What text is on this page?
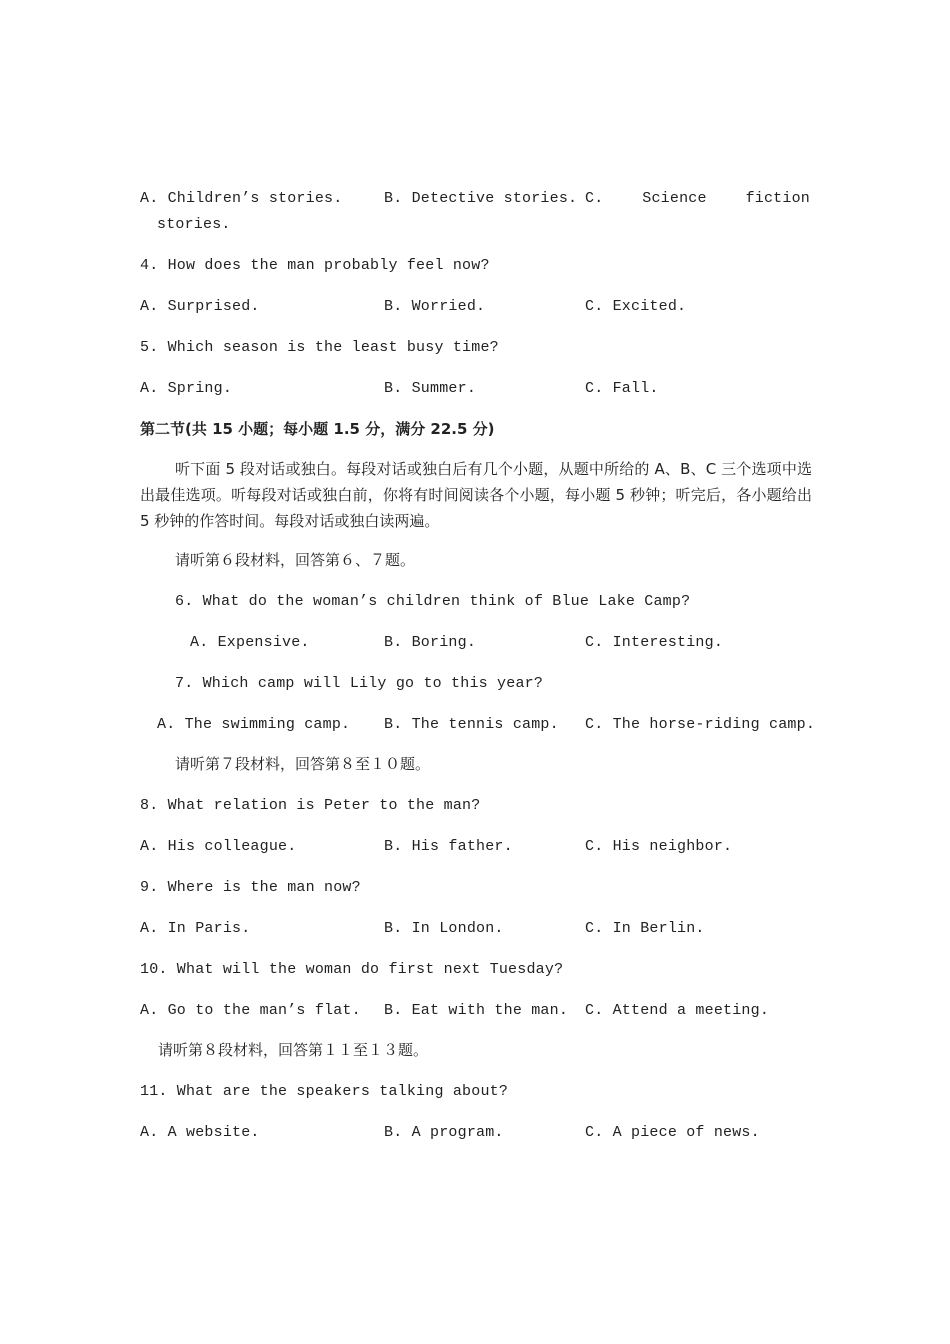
A. Children’s stories.	B. Detective stories. C.	Science	fiction
stories.
4. How does the man probably feel now?
A. Surprised.	B. Worried.	C. Excited.
5. Which season is the least busy time?
A. Spring.	B. Summer.	C. Fall.
第二节(共 15 小题；每小题 1.5 分，满分 22.5 分)
听下面 5 段对话或独白。每段对话或独白后有几个小题，从题中所给的 A、B、C 三个选项中选出最佳选项。听每段对话或独白前，你将有时间阅读各个小题，每小题 5 秒钟；听完后，各小题给出 5 秒钟的作答时间。每段对话或独白读两遍。
请听第６段材料，回答第６、７题。
6. What do the woman’s children think of Blue Lake Camp?
A. Expensive.	B. Boring.	C. Interesting.
7. Which camp will Lily go to this year?
A. The swimming camp. B. The tennis camp. C. The horse-riding camp.
请听第７段材料，回答第８至１０题。
8. What relation is Peter to the man?
A. His colleague.	B. His father.	C. His neighbor.
9. Where is the man now?
A. In Paris.	B. In London.	C. In Berlin.
10. What will the woman do first next Tuesday?
A. Go to the man’s flat. B. Eat with the man. C. Attend a meeting.
请听第８段材料，回答第１１至１３题。
11. What are the speakers talking about?
A. A website.	B. A program.	C. A piece of news.
